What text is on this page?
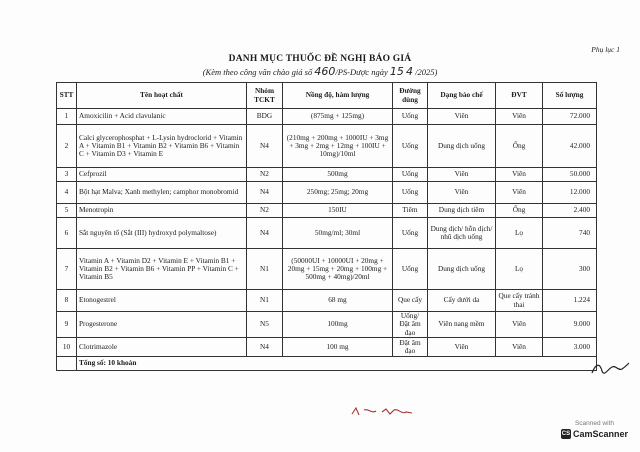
Phụ lục 1
DANH MỤC THUỐC ĐỀ NGHỊ BÁO GIÁ
(Kèm theo công văn chào giá số 460/PS-Dược ngày 15 4 /2025)
STT	Tên hoạt chất	Nhóm TCKT	Nồng độ, hàm lượng	Đường dùng	Dạng bào chế	ĐVT	Số lượng
1	Amoxicilin + Acid clavulanic	BDG	(875mg + 125mg)	Uống	Viên	Viên	72.000
2	Calci glycerophosphat + L-Lysin hydroclorid + Vitamin A + Vitamin B1 + Vitamin B2 + Vitamin B6 + Vitamin C + Vitamin D3 + Vitamin E	N4	(210mg + 200mg + 1000IU + 3mg + 3mg + 2mg + 12mg + 100IU + 10mg)/10ml	Uống	Dung dịch uống	Ống	42.000
3	Cefprozil	N2	500mg	Uống	Viên	Viên	50.000
4	Bột hạt Malva; Xanh methylen; camphor monobromid	N4	250mg; 25mg; 20mg	Uống	Viên	Viên	12.000
5	Menotropin	N2	150IU	Tiêm	Dung dịch tiêm	Ống	2.400
6	Sắt nguyên tố (Sắt (III) hydroxyd polymaltose)	N4	50mg/ml; 30ml	Uống	Dung dịch/ hỗn dịch/ nhũ dịch uống	Lọ	740
7	Vitamin A + Vitamin D2 + Vitamin E + Vitamin B1 + Vitamin B2 + Vitamin B6 + Vitamin PP + Vitamin C + Vitamin B5	N1	(50000UI + 10000UI + 20mg + 20mg + 15mg + 20mg + 100mg + 500mg + 40mg)/20ml	Uống	Dung dịch uống	Lọ	300
8	Etonogestrel	N1	68 mg	Que cấy	Cấy dưới da	Que cấy tránh thai	1.224
9	Progesterone	N5	100mg	Uống/ Đặt âm đạo	Viên nang mềm	Viên	9.000
10	Clotrimazole	N4	100 mg	Đặt âm đạo	Viên	Viên	3.000
	Tổng số: 10 khoản						
Scanned with
CS CamScanner
